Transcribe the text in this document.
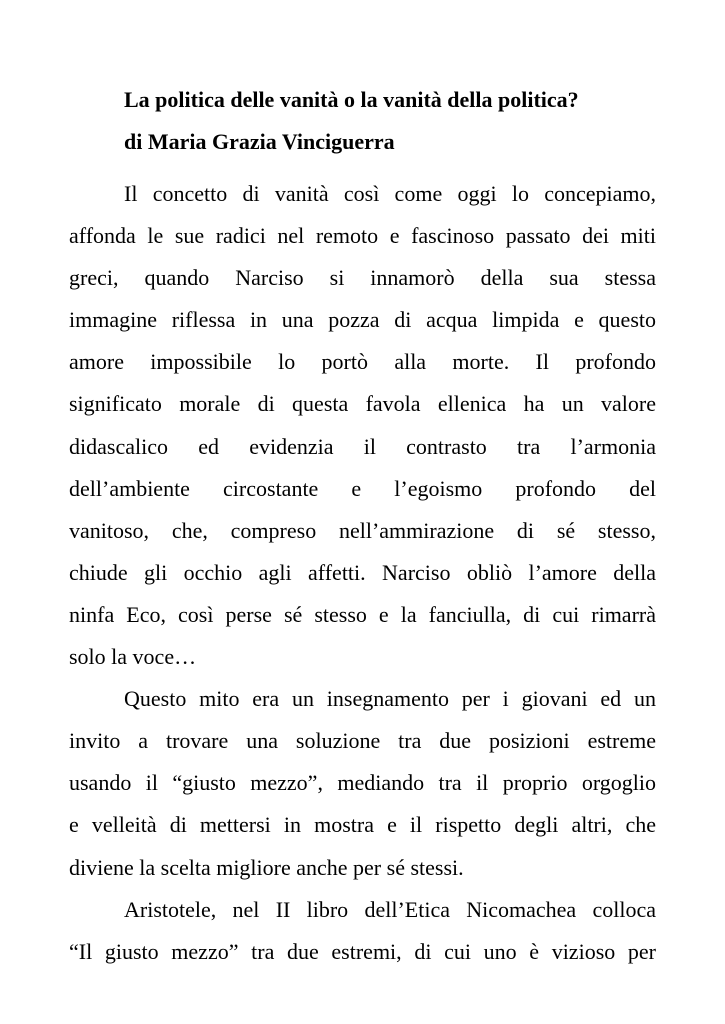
La politica delle vanità o la vanità della politica?
di Maria Grazia Vinciguerra
Il concetto di vanità così come oggi lo concepiamo,
affonda le sue radici nel remoto e fascinoso passato dei miti
greci, quando Narciso si innamorò della sua stessa
immagine riflessa in una pozza di acqua limpida e questo
amore impossibile lo portò alla morte. Il profondo
significato morale di questa favola ellenica ha un valore
didascalico ed evidenzia il contrasto tra l’armonia
dell’ambiente circostante e l’egoismo profondo del
vanitoso, che, compreso nell’ammirazione di sé stesso,
chiude gli occhio agli affetti. Narciso obliò l’amore della
ninfa Eco, così perse sé stesso e la fanciulla, di cui rimarrà
solo la voce…
Questo mito era un insegnamento per i giovani ed un
invito a trovare una soluzione tra due posizioni estreme
usando il “giusto mezzo”, mediando tra il proprio orgoglio
e velleità di mettersi in mostra e il rispetto degli altri, che
diviene la scelta migliore anche per sé stessi.
Aristotele, nel II libro dell’Etica Nicomachea colloca
“Il giusto mezzo” tra due estremi, di cui uno è vizioso per
